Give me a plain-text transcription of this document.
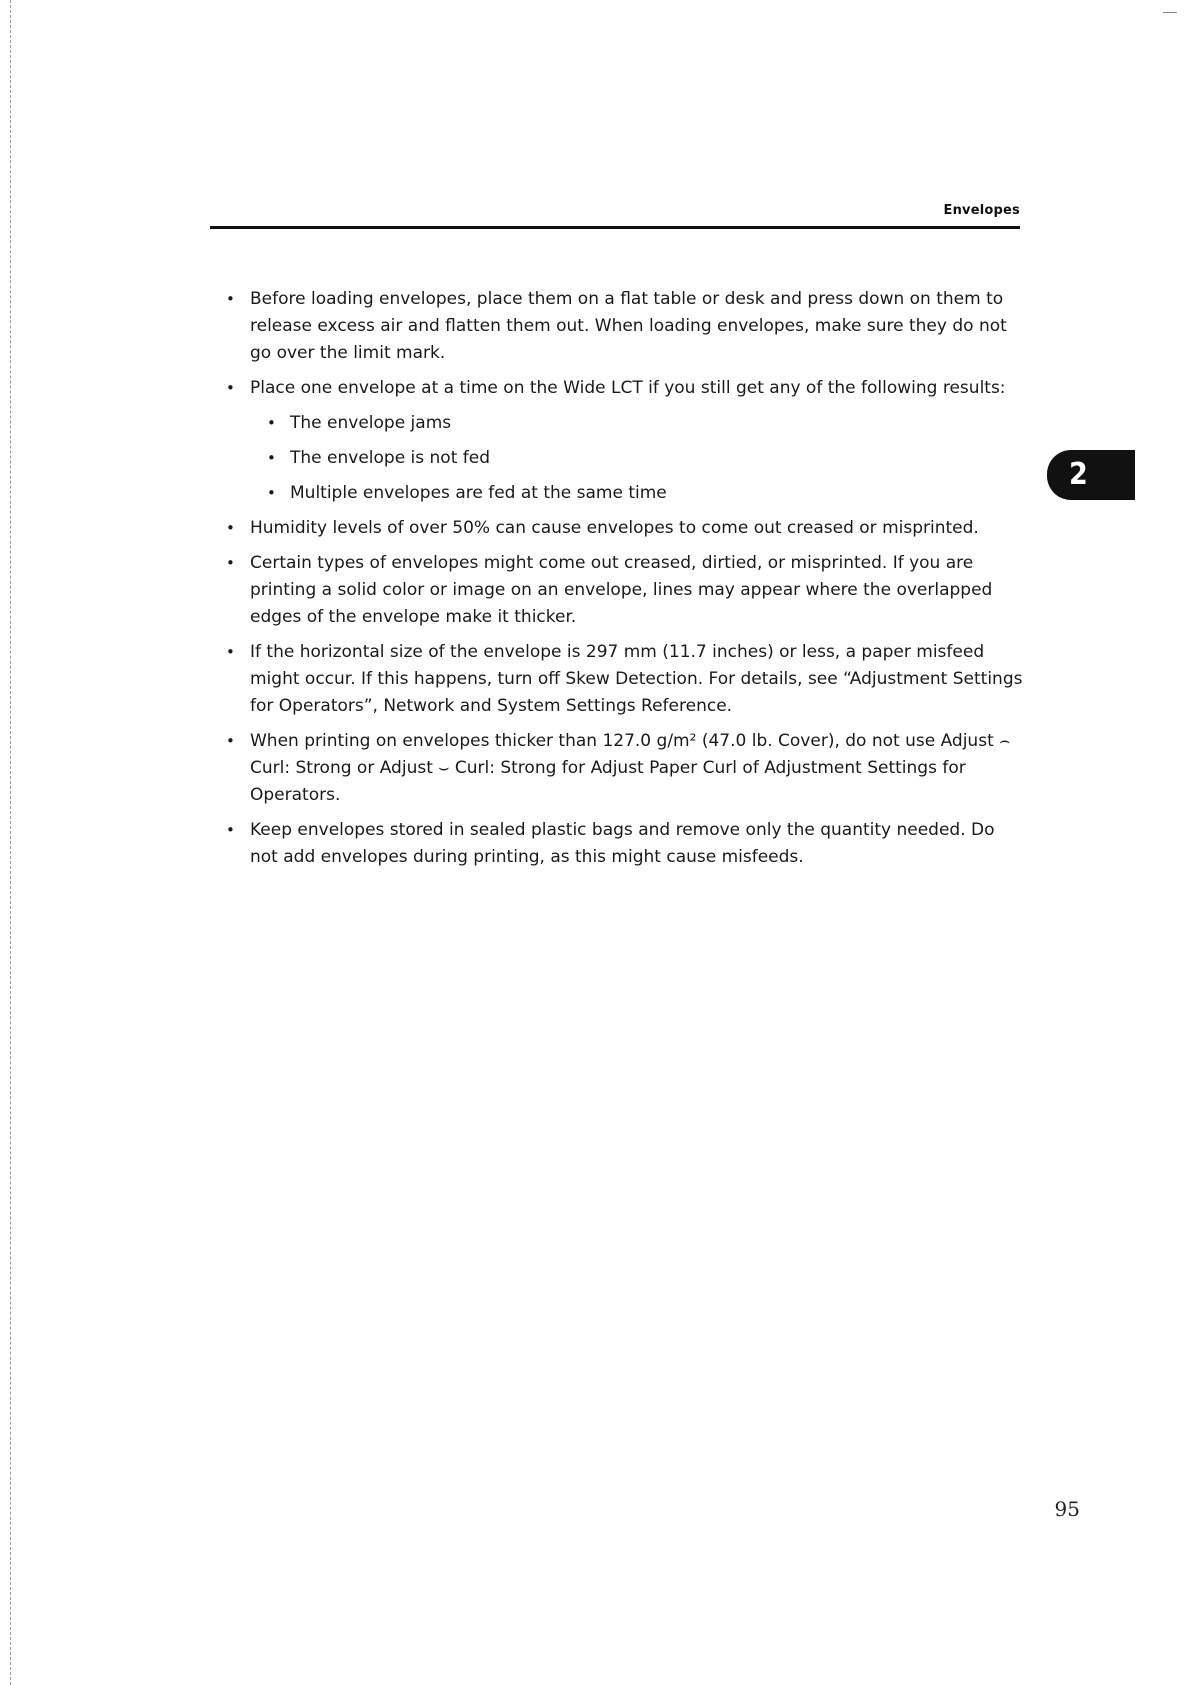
Envelopes
2
• Before loading envelopes, place them on a flat table or desk and press down on them to release excess air and flatten them out. When loading envelopes, make sure they do not go over the limit mark.
• Place one envelope at a time on the Wide LCT if you still get any of the following results:
• The envelope jams
• The envelope is not fed
• Multiple envelopes are fed at the same time
• Humidity levels of over 50% can cause envelopes to come out creased or misprinted.
• Certain types of envelopes might come out creased, dirtied, or misprinted. If you are printing a solid color or image on an envelope, lines may appear where the overlapped edges of the envelope make it thicker.
• If the horizontal size of the envelope is 297 mm (11.7 inches) or less, a paper misfeed might occur. If this happens, turn off Skew Detection. For details, see “Adjustment Settings for Operators”, Network and System Settings Reference.
• When printing on envelopes thicker than 127.0 g/m² (47.0 lb. Cover), do not use Adjust ⌢ Curl: Strong or Adjust ⌣ Curl: Strong for Adjust Paper Curl of Adjustment Settings for Operators.
• Keep envelopes stored in sealed plastic bags and remove only the quantity needed. Do not add envelopes during printing, as this might cause misfeeds.
95
